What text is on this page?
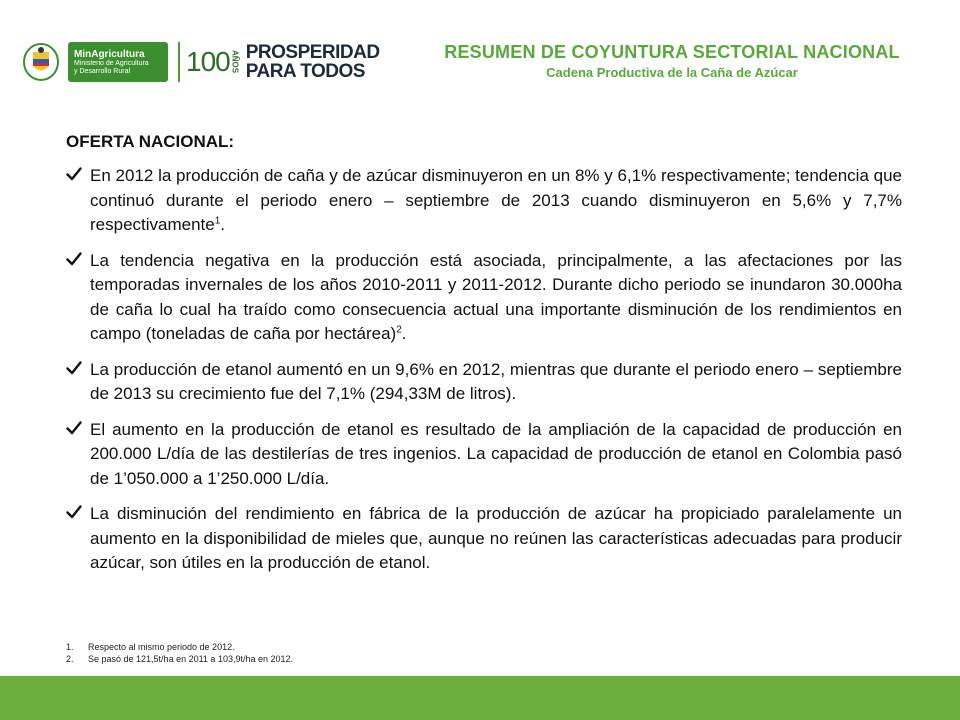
MinAgricultura
Ministerio de Agricultura
y Desarrollo Rural	100 AÑOS PROSPERIDAD
PARA TODOS
RESUMEN DE COYUNTURA SECTORIAL NACIONAL
Cadena Productiva de la Caña de Azúcar
OFERTA NACIONAL:
En 2012 la producción de caña y de azúcar disminuyeron en un 8% y 6,1% respectivamente; tendencia que continuó durante el periodo enero – septiembre de 2013 cuando disminuyeron en 5,6% y 7,7% respectivamente$^1$.
La tendencia negativa en la producción está asociada, principalmente, a las afectaciones por las temporadas invernales de los años 2010-2011 y 2011-2012. Durante dicho periodo se inundaron 30.000ha de caña lo cual ha traído como consecuencia actual una importante disminución de los rendimientos en campo (toneladas de caña por hectárea)$^2$.
La producción de etanol aumentó en un 9,6% en 2012, mientras que durante el periodo enero – septiembre de 2013 su crecimiento fue del 7,1% (294,33M de litros).
El aumento en la producción de etanol es resultado de la ampliación de la capacidad de producción en 200.000 L/día de las destilerías de tres ingenios. La capacidad de producción de etanol en Colombia pasó de 1’050.000 a 1’250.000 L/día.
La disminución del rendimiento en fábrica de la producción de azúcar ha propiciado paralelamente un aumento en la disponibilidad de mieles que, aunque no reúnen las características adecuadas para producir azúcar, son útiles en la producción de etanol.
1.	Respecto al mismo periodo de 2012.
2.	Se pasó de 121,5t/ha en 2011 a 103,9t/ha en 2012.
